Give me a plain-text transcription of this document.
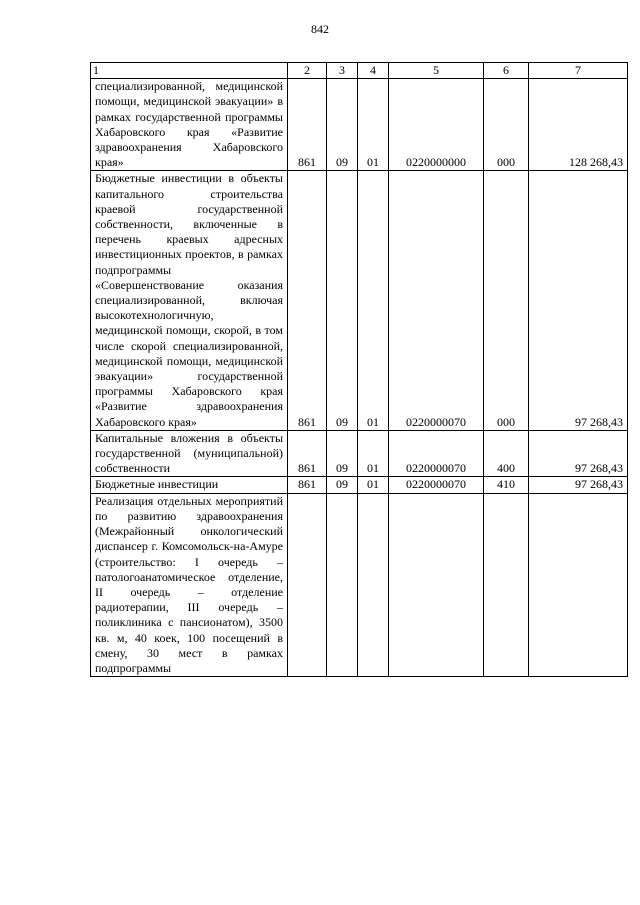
842
1	2	3	4	5	6	7
специализированной, медицинской помощи, медицинской эвакуации» в рамках государственной программы Хабаровского края «Развитие здравоохранения Хабаровского края»	861	09	01	0220000000	000	128 268,43
Бюджетные инвестиции в объекты капитального строительства краевой государственной собственности, включенные в перечень краевых адресных инвестиционных проектов, в рамках подпрограммы «Совершенствование оказания специализированной, включая высокотехнологичную, медицинской помощи, скорой, в том числе скорой специализированной, медицинской помощи, медицинской эвакуации» государственной программы Хабаровского края «Развитие здравоохранения Хабаровского края»	861	09	01	0220000070	000	97 268,43
Капитальные вложения в объекты государственной (муниципальной) собственности	861	09	01	0220000070	400	97 268,43
Бюджетные инвестиции	861	09	01	0220000070	410	97 268,43
Реализация отдельных мероприятий по развитию здравоохранения (Межрайонный онкологический диспансер г. Комсомольск-на-Амуре (строительство: I очередь – патологоанатомическое отделение, II очередь – отделение радиотерапии, III очередь – поликлиника с пансионатом), 3500 кв. м, 40 коек, 100 посещений в смену, 30 мест в рамках подпрограммы						
